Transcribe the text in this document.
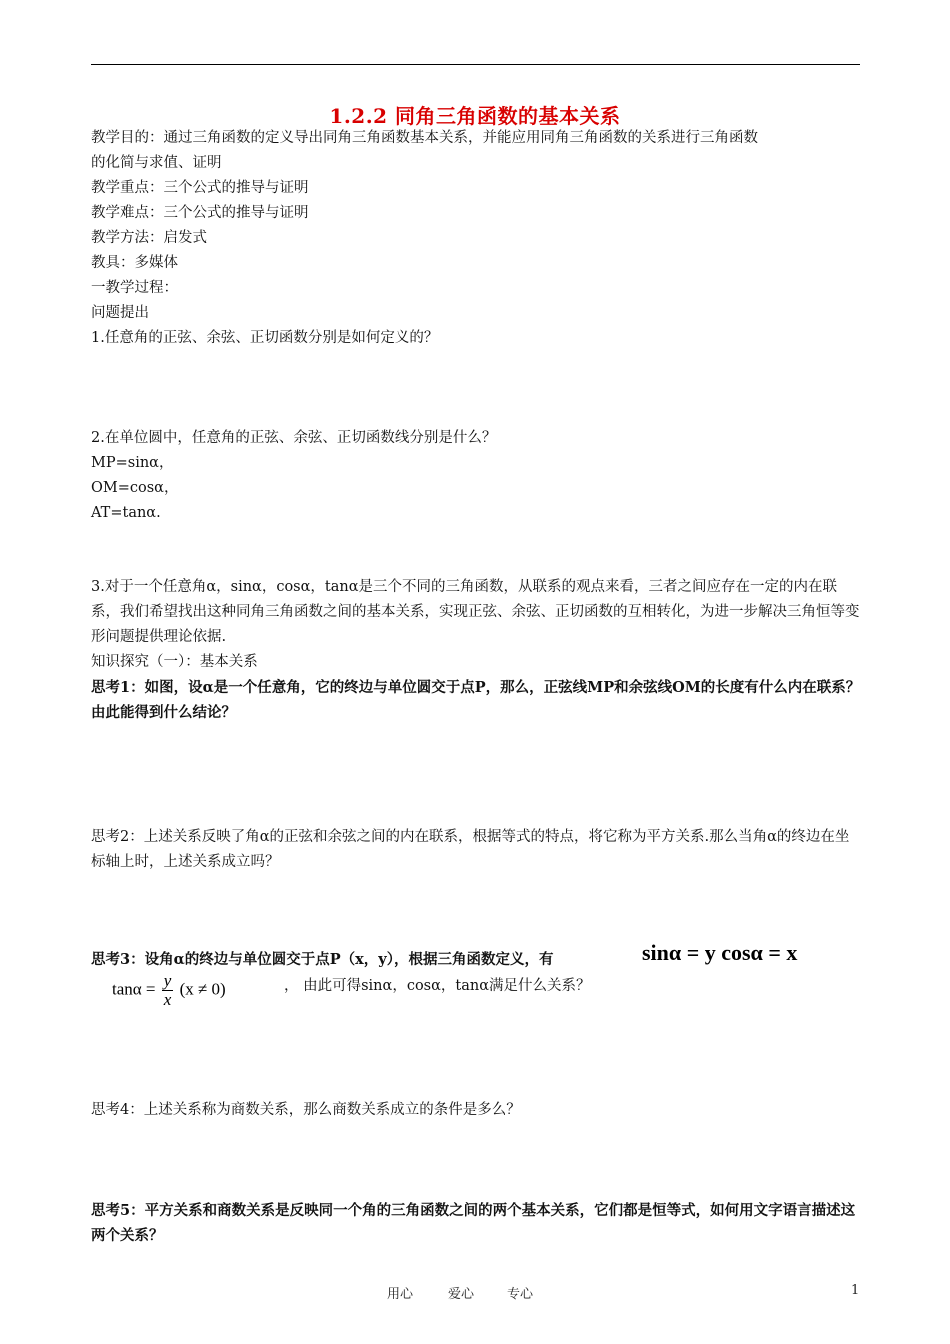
1.2.2 同角三角函数的基本关系
教学目的：通过三角函数的定义导出同角三角函数基本关系，并能应用同角三角函数的关系进行三角函数
的化简与求值、证明
教学重点：三个公式的推导与证明
教学难点：三个公式的推导与证明
教学方法：启发式
教具：多媒体
一教学过程：
问题提出
1.任意角的正弦、余弦、正切函数分别是如何定义的？
2.在单位圆中，任意角的正弦、余弦、正切函数线分别是什么？
MP=sinα，
OM=cosα，
AT=tanα.
3.对于一个任意角α，sinα，cosα，tanα是三个不同的三角函数，从联系的观点来看，三者之间应存在一定的内在联系，我们希望找出这种同角三角函数之间的基本关系，实现正弦、余弦、正切函数的互相转化，为进一步解决三角恒等变形问题提供理论依据.
知识探究（一）：基本关系
思考1：如图，设α是一个任意角，它的终边与单位圆交于点P，那么，正弦线MP和余弦线OM的长度有什么内在联系？由此能得到什么结论？
思考2：上述关系反映了角α的正弦和余弦之间的内在联系，根据等式的特点，将它称为平方关系.那么当角α的终边在坐标轴上时，上述关系成立吗？
思考3：设角α的终边与单位圆交于点P（x，y），根据三角函数定义，有	sinα = y cosα = x
$\tan\alpha = \frac{y}{x} (x \ne 0)$	， 由此可得sinα，cosα，tanα满足什么关系？
思考4：上述关系称为商数关系，那么商数关系成立的条件是多么？
思考5：平方关系和商数关系是反映同一个角的三角函数之间的两个基本关系，它们都是恒等式，如何用文字语言描述这两个关系？
用心	爱心	专心	1
